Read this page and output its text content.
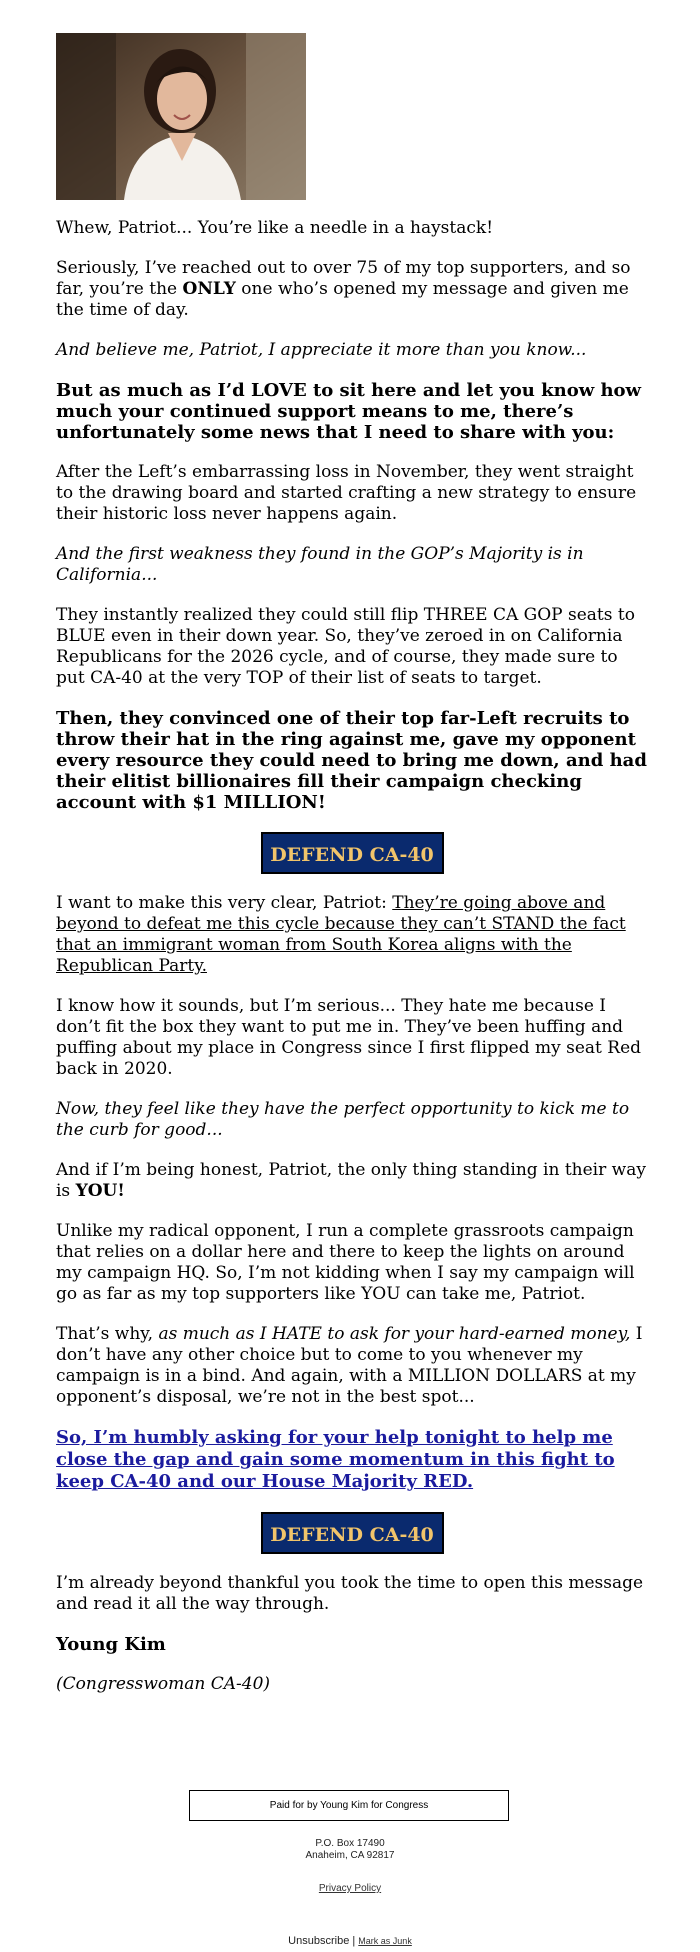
Whew, Patriot... You’re like a needle in a haystack!

Seriously, I’ve reached out to over 75 of my top supporters, and so far, you’re the ONLY one who’s opened my message and given me the time of day.

And believe me, Patriot, I appreciate it more than you know...

But as much as I’d LOVE to sit here and let you know how much your continued support means to me, there’s unfortunately some news that I need to share with you:

After the Left’s embarrassing loss in November, they went straight to the drawing board and started crafting a new strategy to ensure their historic loss never happens again.

And the first weakness they found in the GOP’s Majority is in California...

They instantly realized they could still flip THREE CA GOP seats to BLUE even in their down year. So, they’ve zeroed in on California Republicans for the 2026 cycle, and of course, they made sure to put CA-40 at the very TOP of their list of seats to target.

Then, they convinced one of their top far-Left recruits to throw their hat in the ring against me, gave my opponent every resource they could need to bring me down, and had their elitist billionaires fill their campaign checking account with $1 MILLION!

DEFEND CA-40

I want to make this very clear, Patriot: They’re going above and beyond to defeat me this cycle because they can’t STAND the fact that an immigrant woman from South Korea aligns with the Republican Party.

I know how it sounds, but I’m serious... They hate me because I don’t fit the box they want to put me in. They’ve been huffing and puffing about my place in Congress since I first flipped my seat Red back in 2020.

Now, they feel like they have the perfect opportunity to kick me to the curb for good...

And if I’m being honest, Patriot, the only thing standing in their way is YOU!

Unlike my radical opponent, I run a complete grassroots campaign that relies on a dollar here and there to keep the lights on around my campaign HQ. So, I’m not kidding when I say my campaign will go as far as my top supporters like YOU can take me, Patriot.

That’s why, as much as I HATE to ask for your hard-earned money, I don’t have any other choice but to come to you whenever my campaign is in a bind. And again, with a MILLION DOLLARS at my opponent’s disposal, we’re not in the best spot...

So, I’m humbly asking for your help tonight to help me close the gap and gain some momentum in this fight to keep CA-40 and our House Majority RED.

DEFEND CA-40

I’m already beyond thankful you took the time to open this message and read it all the way through.

Young Kim

(Congresswoman CA-40)

Paid for by Young Kim for Congress
P.O. Box 17490
Anaheim, CA 92817
Privacy Policy
Unsubscribe | Mark as Junk
